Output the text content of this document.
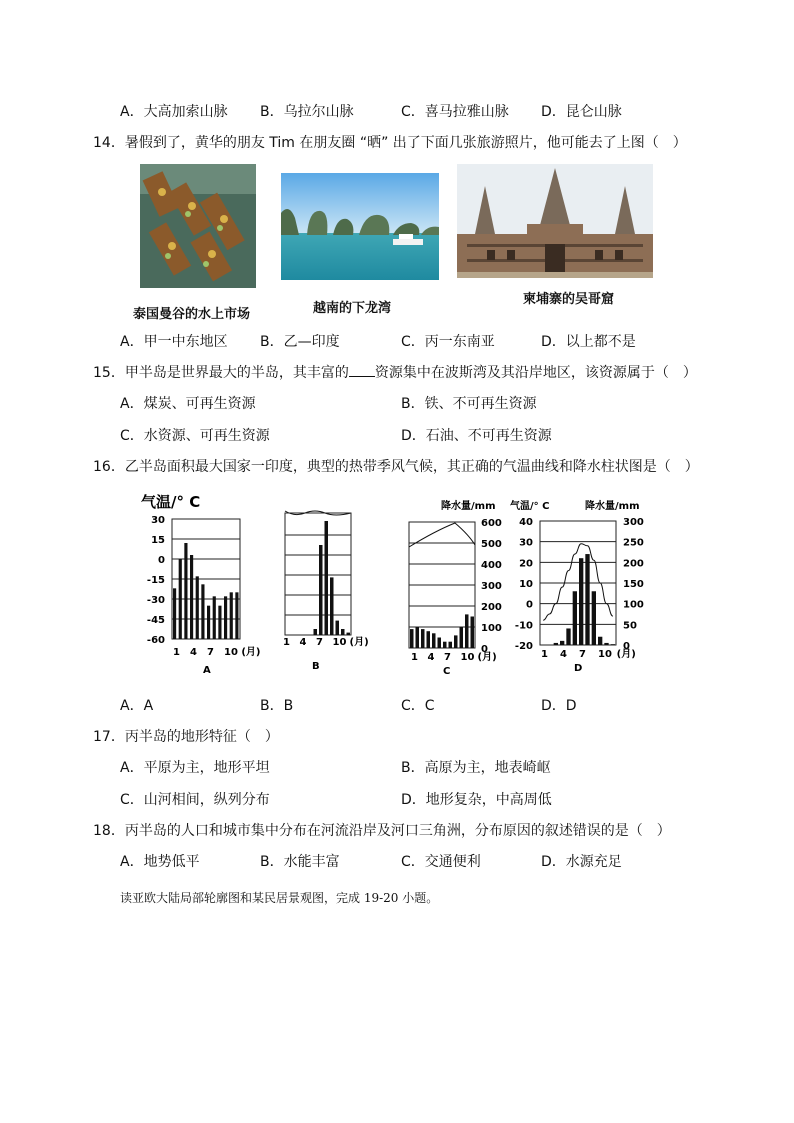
A．大高加索山脉 B．乌拉尔山脉	C．喜马拉雅山脉 D．昆仑山脉
14．暑假到了，黄华的朋友 Tim 在朋友圈 “晒” 出了下面几张旅游照片，他可能去了上图（　）
泰国曼谷的水上市场	越南的下龙湾
柬埔寨的吴哥窟
A．甲一中东地区 B．乙—印度	C．丙一东南亚	D．以上都不是
15．甲半岛是世界最大的半岛，其丰富的 资源集中在波斯湾及其沿岸地区，该资源属于（　）
A．煤炭、可再生资源	B．铁、不可再生资源
C．水资源、可再生资源	D．石油、不可再生资源
16．乙半岛面积最大国家一印度，典型的热带季风气候，其正确的气温曲线和降水柱状图是（　）
气温/° C
30
15
0
-15
-30
-45
-60
1 4 7 10 (月)
A
1 4 7 10 (月)
B
降水量/mm
600
500
400
300
200
100
0
1 4 7 10 (月)
C
气温/° C	降水量/mm
40
30
20
10
0
-10
-20
300
250
200
150
100
50
0
1 4 7 10 (月)
D
A．A	B．B	C．C	D．D
17．丙半岛的地形特征（　）
A．平原为主，地形平坦	B．高原为主，地表崎岖
C．山河相间，纵列分布	D．地形复杂，中高周低
18．丙半岛的人口和城市集中分布在河流沿岸及河口三角洲，分布原因的叙述错误的是（　）
A．地势低平	B．水能丰富	C．交通便利	D．水源充足
读亚欧大陆局部轮廓图和某民居景观图，完成 19-20 小题。
